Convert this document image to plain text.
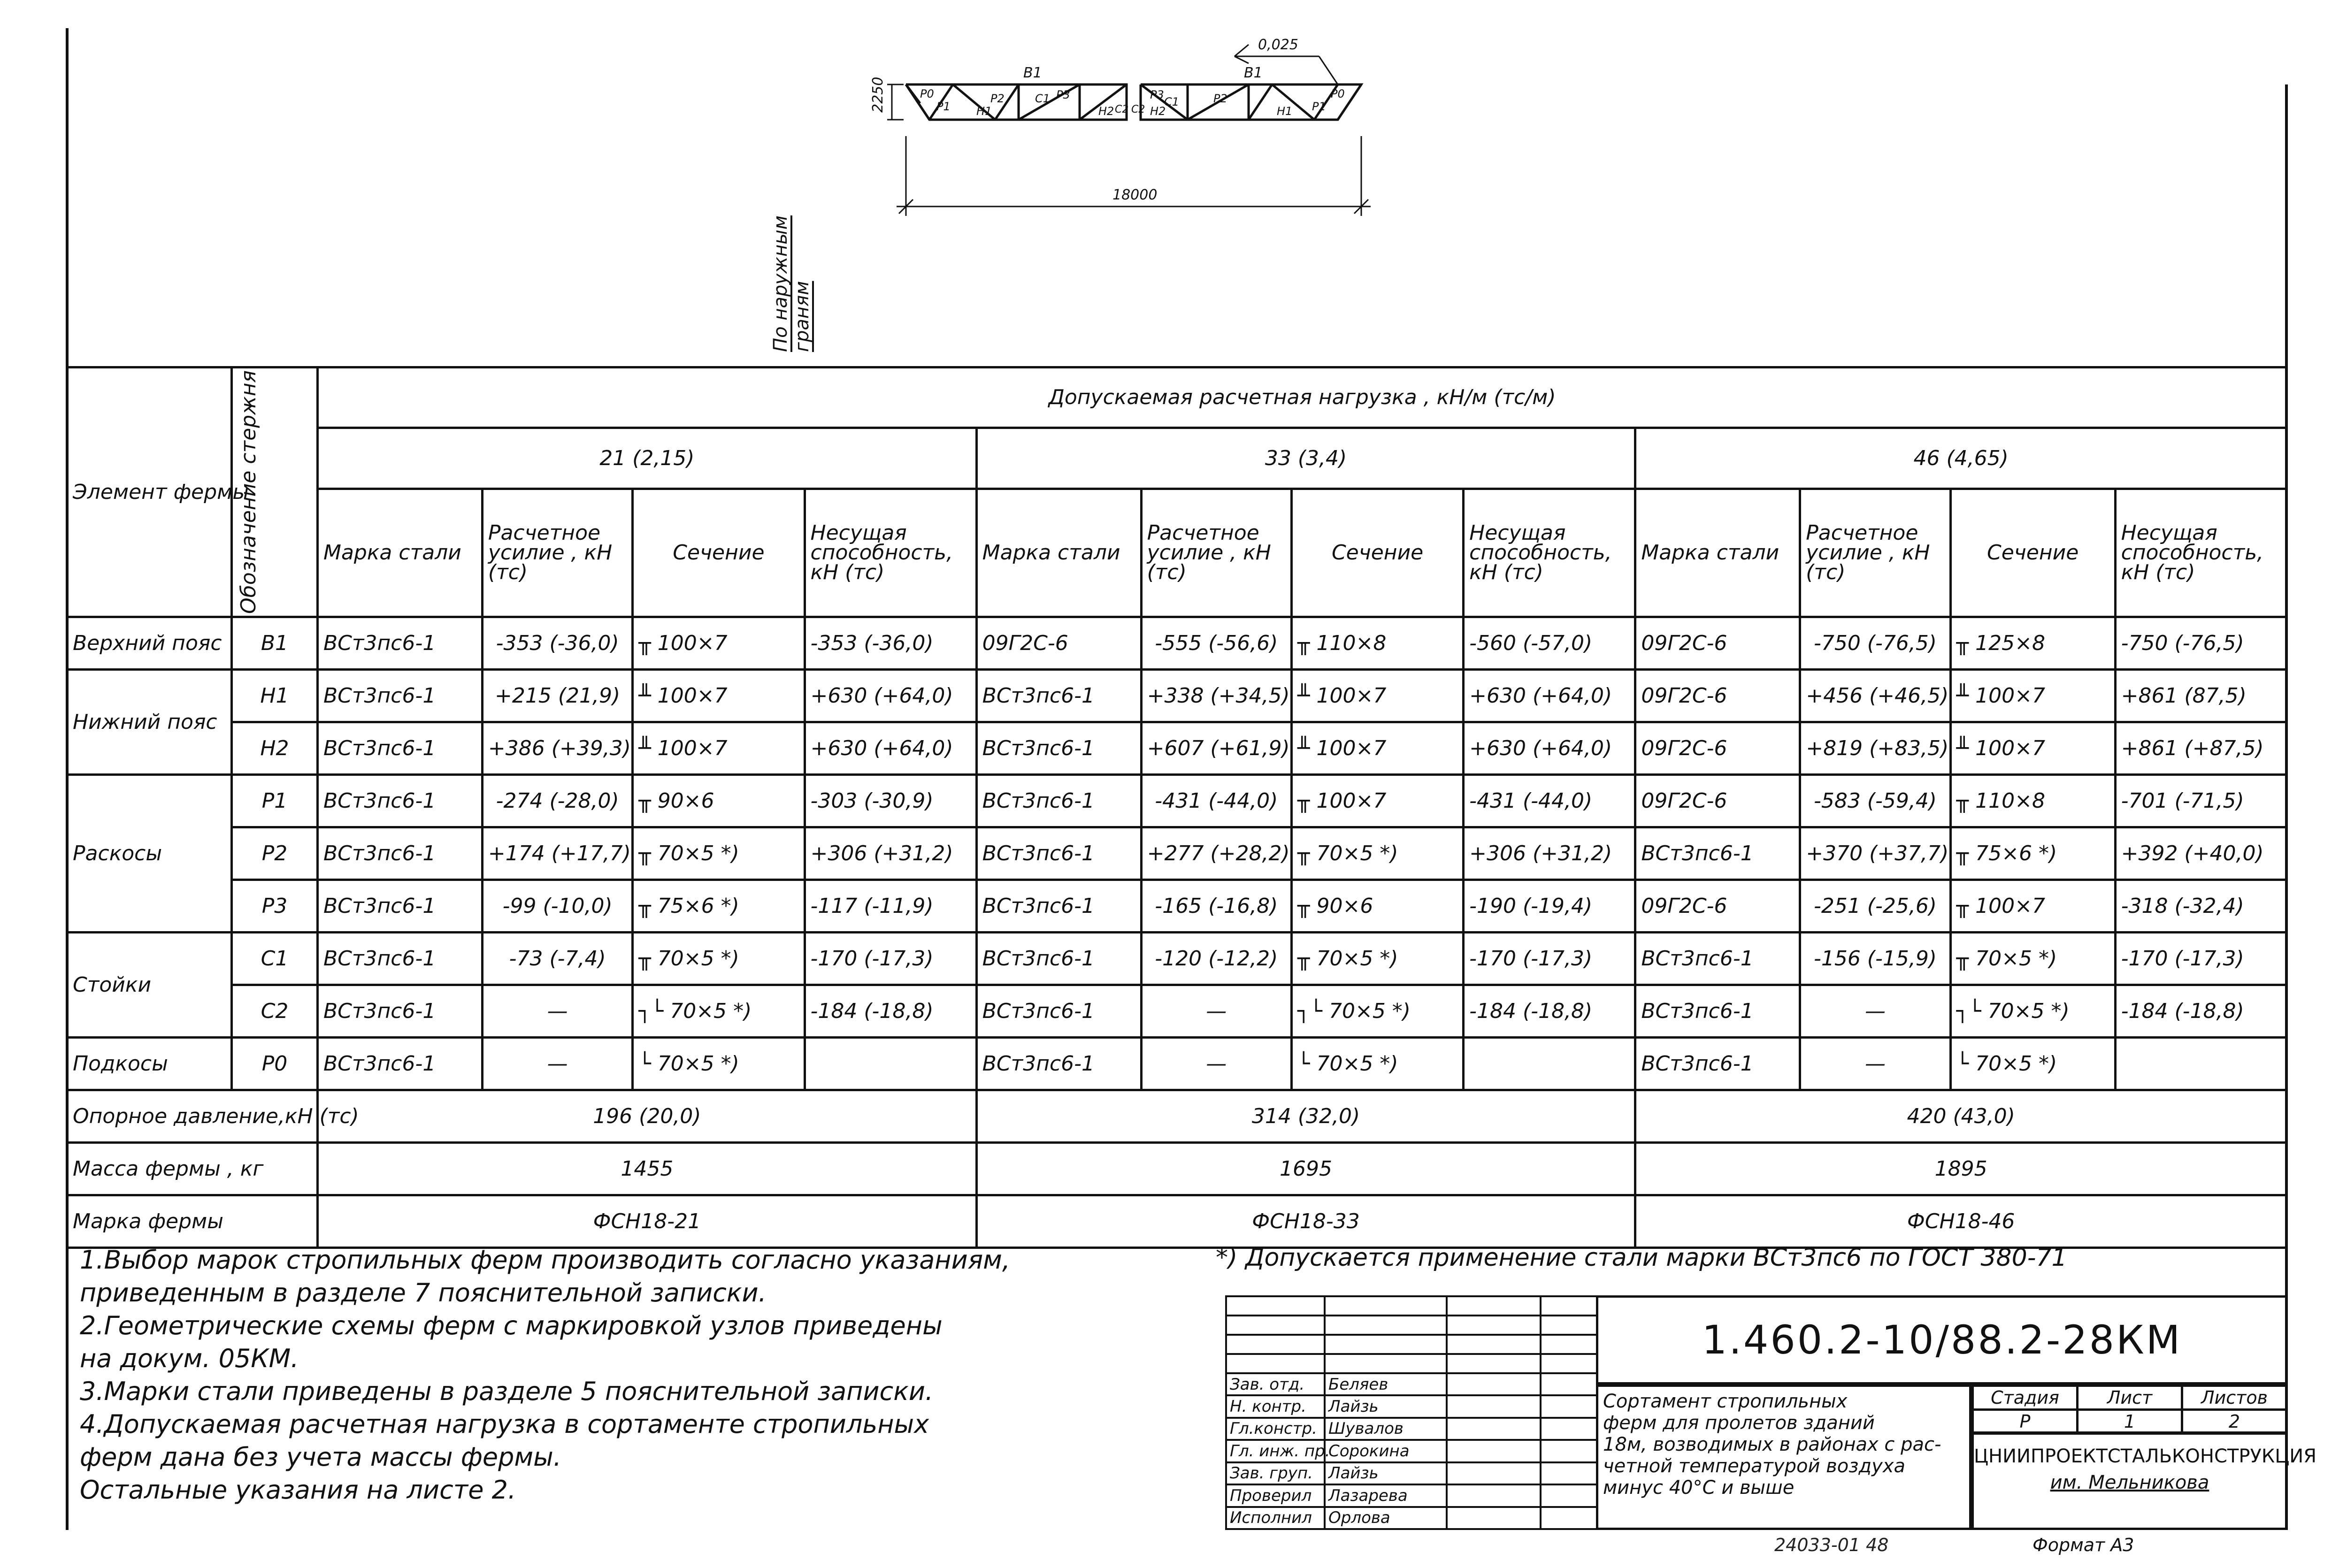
0,025
2250
18000
В1	В1
Р0
Р1
Р2	С1 Р3
Н1	Н2 С2
Р3
С1	Р2	Р0
Р1
Н2	Н1
С2
По наружным граням
Элемент фермы	Обозначение стержня	Допускаемая расчетная нагрузка , кН/м (тс/м)											
		21 (2,15)				33 (3,4)				46 (4,65)			
		Марка стали	Расчетное усилие , кН (тс)	Сечение	Несущая способность, кН (тс)	Марка стали	Расчетное усилие , кН (тс)	Сечение	Несущая способность, кН (тс)	Марка стали	Расчетное усилие , кН (тс)	Сечение	Несущая способность, кН (тс)
Верхний пояс	В1	ВСт3пс6-1	-353 (-36,0)	╥ 100×7	-353 (-36,0)	09Г2С-6	-555 (-56,6)	╥ 110×8	-560 (-57,0)	09Г2С-6	-750 (-76,5)	╥ 125×8	-750 (-76,5)
Нижний пояс	Н1	ВСт3пс6-1	+215 (21,9)	╨ 100×7	+630 (+64,0)	ВСт3пс6-1	+338 (+34,5)	╨ 100×7	+630 (+64,0)	09Г2С-6	+456 (+46,5)	╨ 100×7	+861 (87,5)
	Н2	ВСт3пс6-1	+386 (+39,3)	╨ 100×7	+630 (+64,0)	ВСт3пс6-1	+607 (+61,9)	╨ 100×7	+630 (+64,0)	09Г2С-6	+819 (+83,5)	╨ 100×7	+861 (+87,5)
Раскосы	Р1	ВСт3пс6-1	-274 (-28,0)	╥ 90×6	-303 (-30,9)	ВСт3пс6-1	-431 (-44,0)	╥ 100×7	-431 (-44,0)	09Г2С-6	-583 (-59,4)	╥ 110×8	-701 (-71,5)
	Р2	ВСт3пс6-1	+174 (+17,7)	╥ 70×5 *)	+306 (+31,2)	ВСт3пс6-1	+277 (+28,2)	╥ 70×5 *)	+306 (+31,2)	ВСт3пс6-1	+370 (+37,7)	╥ 75×6 *)	+392 (+40,0)
	Р3	ВСт3пс6-1	-99 (-10,0)	╥ 75×6 *)	-117 (-11,9)	ВСт3пс6-1	-165 (-16,8)	╥ 90×6	-190 (-19,4)	09Г2С-6	-251 (-25,6)	╥ 100×7	-318 (-32,4)
Стойки	С1	ВСт3пс6-1	-73 (-7,4)	╥ 70×5 *)	-170 (-17,3)	ВСт3пс6-1	-120 (-12,2)	╥ 70×5 *)	-170 (-17,3)	ВСт3пс6-1	-156 (-15,9)	╥ 70×5 *)	-170 (-17,3)
	С2	ВСт3пс6-1	—	┐└ 70×5 *)	-184 (-18,8)	ВСт3пс6-1	—	┐└ 70×5 *)	-184 (-18,8)	ВСт3пс6-1	—	┐└ 70×5 *)	-184 (-18,8)
Подкосы	Р0	ВСт3пс6-1	—	└ 70×5 *)		ВСт3пс6-1	—	└ 70×5 *)		ВСт3пс6-1	—	└ 70×5 *)	
Опорное давление,кН (тс)		196 (20,0)				314 (32,0)				420 (43,0)			
Масса фермы , кг		1455				1695				1895			
Марка фермы		ФСН18-21				ФСН18-33				ФСН18-46			
1.Выбор марок стропильных ферм производить согласно указаниям,
приведенным в разделе 7 пояснительной записки.
2.Геометрические схемы ферм с маркировкой узлов приведены
на докум. 05КМ.
3.Марки стали приведены в разделе 5 пояснительной записки.
4.Допускаемая расчетная нагрузка в сортаменте стропильных
ферм дана без учета массы фермы.
Остальные указания на листе 2.
*) Допускается применение стали марки ВСт3пс6 по ГОСТ 380-71

Зав. отд.	Беляев		
Н. контр.	Лайзь		
Гл.констр.	Шувалов		
Гл. инж. пр.	Сорокина		
Зав. груп.	Лайзь		
Проверил	Лазарева		
Исполнил	Орлова		
1.460.2-10/88.2-28КМ
Сортамент стропильных
ферм для пролетов зданий
18м, возводимых в районах с рас-
четной температурой воздуха
минус 40°С и выше
Стадия	Лист	Листов
Р	1	2
ЦНИИПРОЕКТСТАЛЬКОНСТРУКЦИЯ
им. Мельникова
24033-01 48	Формат А3
